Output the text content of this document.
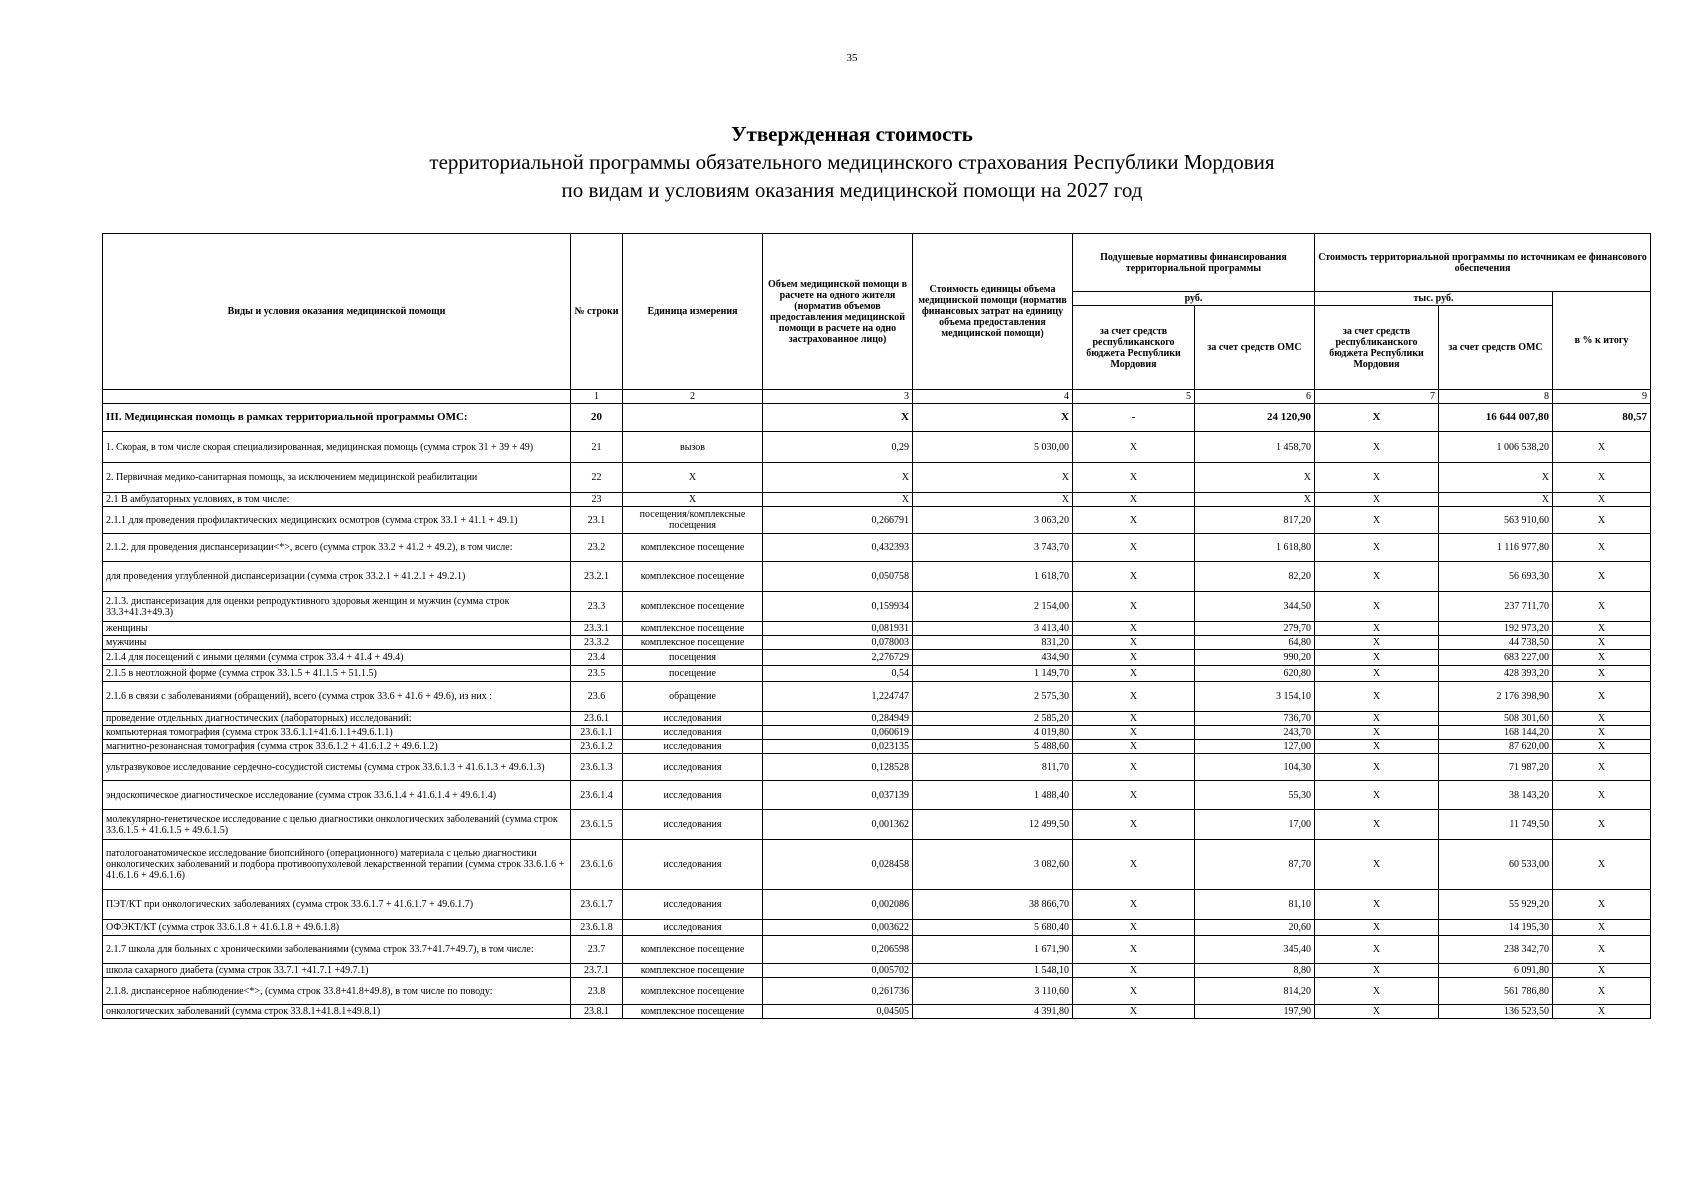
35
Утвержденная стоимость
территориальной программы обязательного медицинского страхования Республики Мордовия
по видам и условиям оказания медицинской помощи на 2027 год
Виды и условия оказания медицинской помощи	№ строки	Единица измерения	Объем медицинской помощи в расчете на одного жителя (норматив объемов предоставления медицинской помощи в расчете на одно застрахованное лицо)	Стоимость единицы объема медицинской помощи (норматив финансовых затрат на единицу объема предоставления медицинской помощи)	Подушевые нормативы финансирования территориальной программы		Стоимость территориальной программы по источникам ее финансового обеспечения		
					руб.		тыс. руб.		в % к итогу
					за счет средств республиканского бюджета Республики Мордовия	за счет средств ОМС	за счет средств республиканского бюджета Республики Мордовия	за счет средств ОМС	
	1	2	3	4	5	6	7	8	9
III. Медицинская помощь в рамках территориальной программы ОМС:	20		X	X	-	24 120,90	X	16 644 007,80	80,57
1. Скорая, в том числе скорая специализированная, медицинская помощь (сумма строк 31 + 39 + 49)	21	вызов	0,29	5 030,00	X	1 458,70	X	1 006 538,20	X
2. Первичная медико-санитарная помощь, за исключением медицинской реабилитации	22	X	X	X	X	X	X	X	X
2.1 В амбулаторных условиях, в том числе:	23	X	X	X	X	X	X	X	X
2.1.1 для проведения профилактических медицинских осмотров (сумма строк 33.1 + 41.1 + 49.1)	23.1	посещения/комплексные посещения	0,266791	3 063,20	X	817,20	X	563 910,60	X
2.1.2. для проведения диспансеризации<*>, всего (сумма строк 33.2 + 41.2 + 49.2), в том числе:	23.2	комплексное посещение	0,432393	3 743,70	X	1 618,80	X	1 116 977,80	X
для проведения углубленной диспансеризации (сумма строк 33.2.1 + 41.2.1 + 49.2.1)	23.2.1	комплексное посещение	0,050758	1 618,70	X	82,20	X	56 693,30	X
2.1.3. диспансеризация для оценки репродуктивного здоровья женщин и мужчин (сумма строк 33.3+41.3+49.3)	23.3	комплексное посещение	0,159934	2 154,00	X	344,50	X	237 711,70	X
женщины	23.3.1	комплексное посещение	0,081931	3 413,40	X	279,70	X	192 973,20	X
мужчины	23.3.2	комплексное посещение	0,078003	831,20	X	64,80	X	44 738,50	X
2.1.4 для посещений с иными целями (сумма строк 33.4 + 41.4 + 49.4)	23.4	посещения	2,276729	434,90	X	990,20	X	683 227,00	X
2.1.5 в неотложной форме (сумма строк 33.1.5 + 41.1.5 + 51.1.5)	23.5	посещение	0,54	1 149,70	X	620,80	X	428 393,20	X
2.1.6 в связи с заболеваниями (обращений), всего (сумма строк 33.6 + 41.6 + 49.6), из них :	23.6	обращение	1,224747	2 575,30	X	3 154,10	X	2 176 398,90	X
проведение отдельных диагностических (лабораторных) исследований:	23.6.1	исследования	0,284949	2 585,20	X	736,70	X	508 301,60	X
компьютерная томография (сумма строк 33.6.1.1+41.6.1.1+49.6.1.1)	23.6.1.1	исследования	0,060619	4 019,80	X	243,70	X	168 144,20	X
магнитно-резонансная томография (сумма строк 33.6.1.2 + 41.6.1.2 + 49.6.1.2)	23.6.1.2	исследования	0,023135	5 488,60	X	127,00	X	87 620,00	X
ультразвуковое исследование сердечно-сосудистой системы (сумма строк 33.6.1.3 + 41.6.1.3 + 49.6.1.3)	23.6.1.3	исследования	0,128528	811,70	X	104,30	X	71 987,20	X
эндоскопическое диагностическое исследование (сумма строк 33.6.1.4 + 41.6.1.4 + 49.6.1.4)	23.6.1.4	исследования	0,037139	1 488,40	X	55,30	X	38 143,20	X
молекулярно-генетическое исследование с целью диагностики онкологических заболеваний (сумма строк 33.6.1.5 + 41.6.1.5 + 49.6.1.5)	23.6.1.5	исследования	0,001362	12 499,50	X	17,00	X	11 749,50	X
патологоанатомическое исследование биопсийного (операционного) материала с целью диагностики онкологических заболеваний и подбора противоопухолевой лекарственной терапии (сумма строк 33.6.1.6 + 41.6.1.6 + 49.6.1.6)	23.6.1.6	исследования	0,028458	3 082,60	X	87,70	X	60 533,00	X
ПЭТ/КТ при онкологических заболеваниях (сумма строк 33.6.1.7 + 41.6.1.7 + 49.6.1.7)	23.6.1.7	исследования	0,002086	38 866,70	X	81,10	X	55 929,20	X
ОФЭКТ/КТ (сумма строк 33.6.1.8 + 41.6.1.8 + 49.6.1.8)	23.6.1.8	исследования	0,003622	5 680,40	X	20,60	X	14 195,30	X
2.1.7 школа для больных с хроническими заболеваниями (сумма строк 33.7+41.7+49.7), в том числе:	23.7	комплексное посещение	0,206598	1 671,90	X	345,40	X	238 342,70	X
школа сахарного диабета (сумма строк 33.7.1 +41.7.1 +49.7.1)	23.7.1	комплексное посещение	0,005702	1 548,10	X	8,80	X	6 091,80	X
2.1.8. диспансерное наблюдение<*>, (сумма строк 33.8+41.8+49.8), в том числе по поводу:	23.8	комплексное посещение	0,261736	3 110,60	X	814,20	X	561 786,80	X
онкологических заболеваний (сумма строк 33.8.1+41.8.1+49.8.1)	23.8.1	комплексное посещение	0,04505	4 391,80	X	197,90	X	136 523,50	X
